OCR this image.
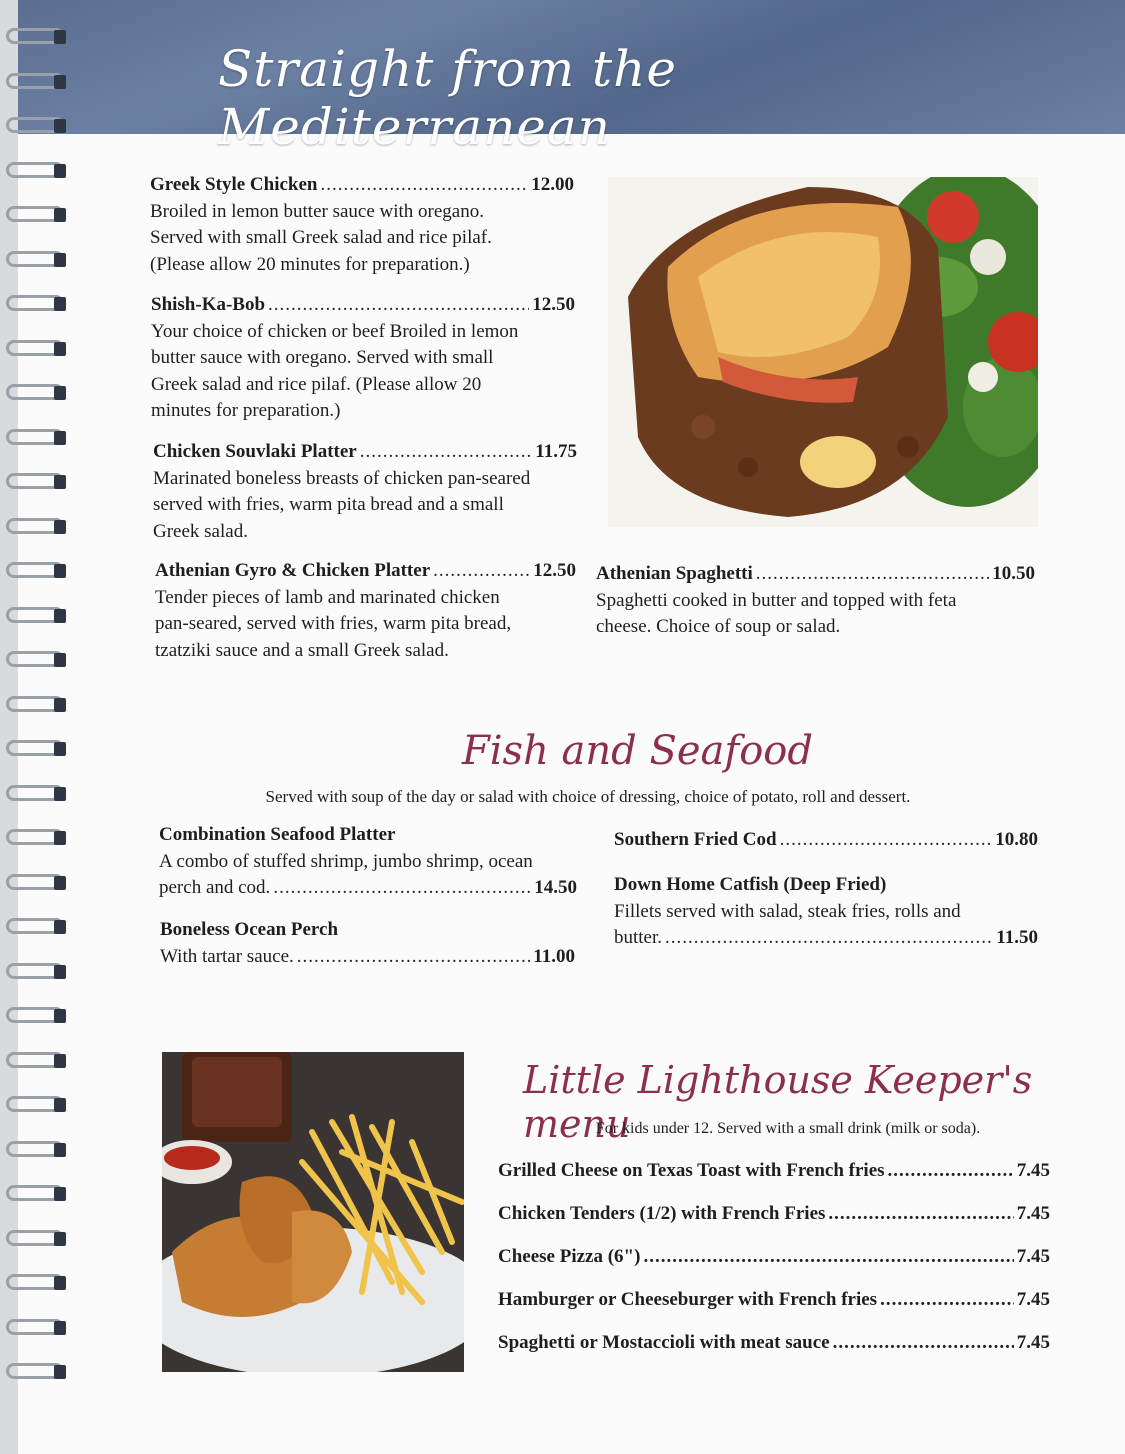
Straight from the Mediterranean
Greek Style Chicken .....	12.00
Broiled in lemon butter sauce with oregano.
Served with small Greek salad and rice pilaf.
(Please allow 20 minutes for preparation.)
Shish-Ka-Bob .....	12.50
Your choice of chicken or beef Broiled in lemon
butter sauce with oregano. Served with small
Greek salad and rice pilaf. (Please allow 20
minutes for preparation.)
Chicken Souvlaki Platter .....	11.75
Marinated boneless breasts of chicken pan-seared
served with fries, warm pita bread and a small
Greek salad.
Athenian Gyro & Chicken Platter .....	12.50
Tender pieces of lamb and marinated chicken
pan-seared, served with fries, warm pita bread,
tzatziki sauce and a small Greek salad.
Athenian Spaghetti .....	10.50
Spaghetti cooked in butter and topped with feta
cheese. Choice of soup or salad.
Fish and Seafood
Served with soup of the day or salad with choice of dressing, choice of potato, roll and dessert.
Combination Seafood Platter
A combo of stuffed shrimp, jumbo shrimp, ocean
perch and cod. .....	14.50
Boneless Ocean Perch
With tartar sauce. .....	11.00
Southern Fried Cod .....	10.80
Down Home Catfish (Deep Fried)
Fillets served with salad, steak fries, rolls and
butter. .....	11.50
Little Lighthouse Keeper's menu
For kids under 12. Served with a small drink (milk or soda).
Grilled Cheese on Texas Toast with French fries .....	7.45
Chicken Tenders (1/2) with French Fries .....	7.45
Cheese Pizza (6") .....	7.45
Hamburger or Cheeseburger with French fries .....	7.45
Spaghetti or Mostaccioli with meat sauce .....	7.45
